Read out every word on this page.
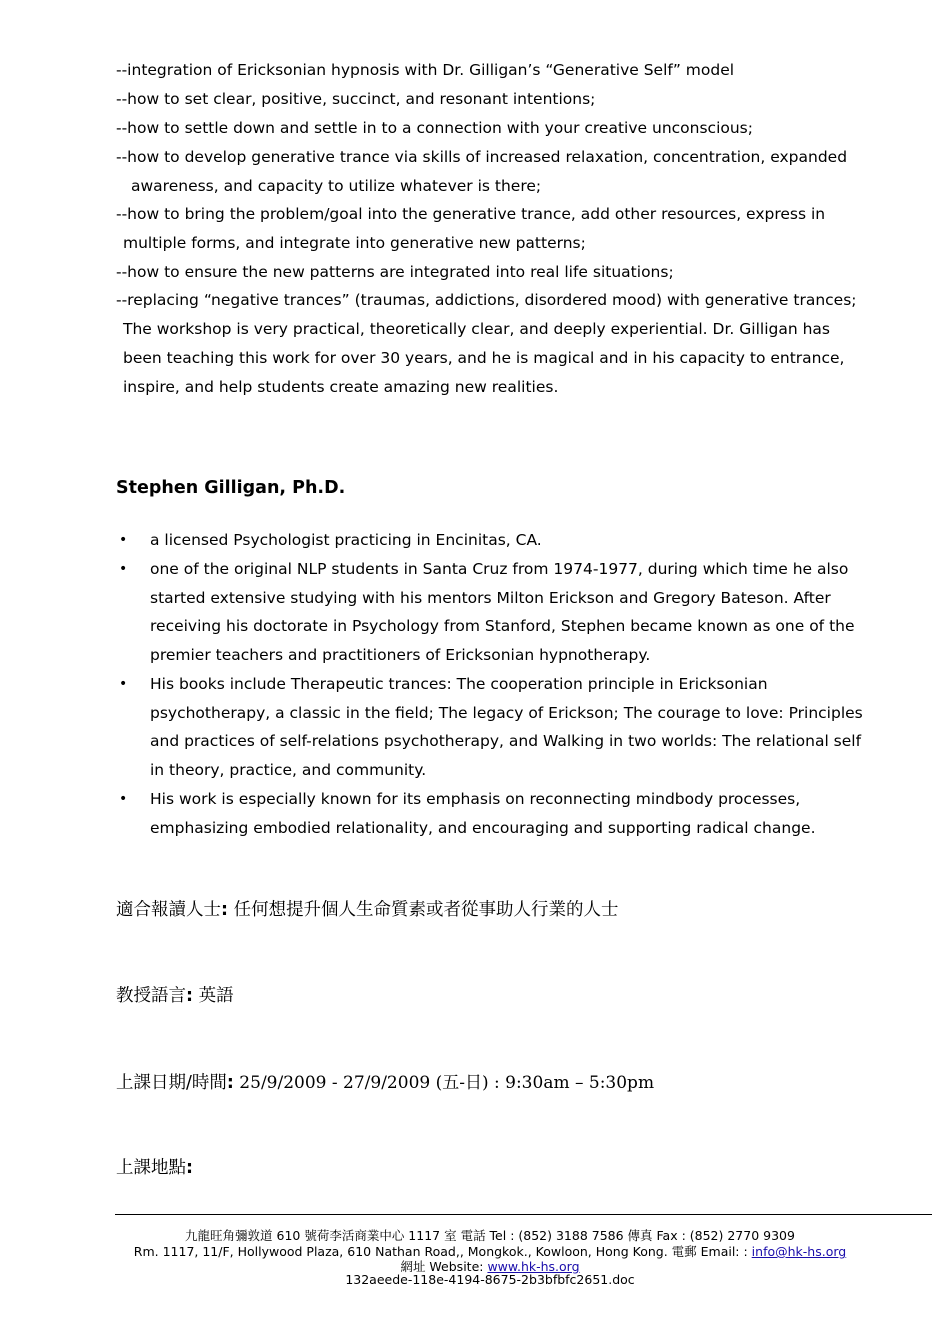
--integration of Ericksonian hypnosis with Dr. Gilligan’s “Generative Self” model
--how to set clear, positive, succinct, and resonant intentions;
--how to settle down and settle in to a connection with your creative unconscious;
--how to develop generative trance via skills of increased relaxation, concentration, expanded
awareness, and capacity to utilize whatever is there;
--how to bring the problem/goal into the generative trance, add other resources, express in
multiple forms, and integrate into generative new patterns;
--how to ensure the new patterns are integrated into real life situations;
--replacing “negative trances” (traumas, addictions, disordered mood) with generative trances;
The workshop is very practical, theoretically clear, and deeply experiential. Dr. Gilligan has
been teaching this work for over 30 years, and he is magical and in his capacity to entrance,
inspire, and help students create amazing new realities.
Stephen Gilligan, Ph.D.
• a licensed Psychologist practicing in Encinitas, CA.
• one of the original NLP students in Santa Cruz from 1974-1977, during which time he also
started extensive studying with his mentors Milton Erickson and Gregory Bateson. After
receiving his doctorate in Psychology from Stanford, Stephen became known as one of the
premier teachers and practitioners of Ericksonian hypnotherapy.
• His books include Therapeutic trances: The cooperation principle in Ericksonian
psychotherapy, a classic in the field; The legacy of Erickson; The courage to love: Principles
and practices of self-relations psychotherapy, and Walking in two worlds: The relational self
in theory, practice, and community.
• His work is especially known for its emphasis on reconnecting mindbody processes,
emphasizing embodied relationality, and encouraging and supporting radical change.
適合報讀人士: 任何想提升個人生命質素或者從事助人行業的人士
教授語言: 英語
上課日期/時間: 25/9/2009 - 27/9/2009 (五-日) : 9:30am – 5:30pm
上課地點:
九龍旺角彌敦道 610 號荷李活商業中心 1117 室 電話 Tel : (852) 3188 7586 傳真 Fax : (852) 2770 9309
Rm. 1117, 11/F, Hollywood Plaza, 610 Nathan Road,, Mongkok., Kowloon, Hong Kong. 電郵 Email: : info@hk-hs.org
網址 Website: www.hk-hs.org
132aeede-118e-4194-8675-2b3bfbfc2651.doc
